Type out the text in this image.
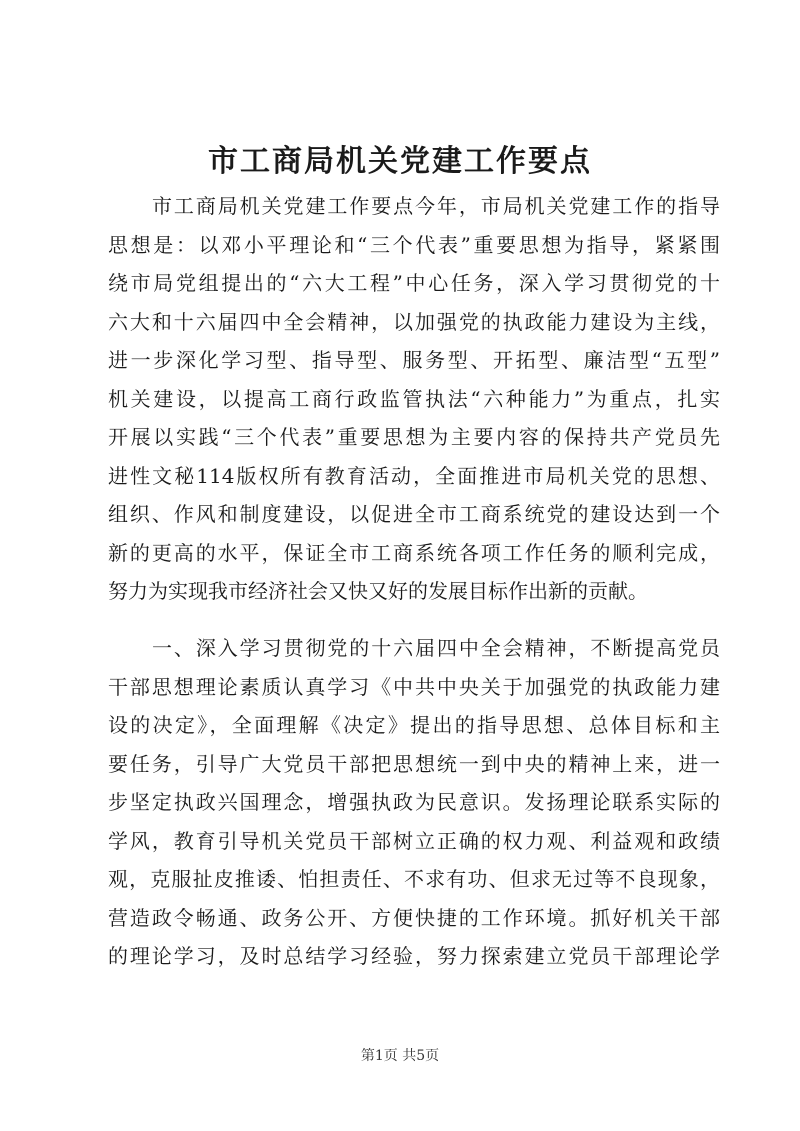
市工商局机关党建工作要点
市工商局机关党建工作要点今年，市局机关党建工作的指导
思想是：以邓小平理论和“三个代表”重要思想为指导，紧紧围
绕市局党组提出的“六大工程”中心任务，深入学习贯彻党的十
六大和十六届四中全会精神，以加强党的执政能力建设为主线，
进一步深化学习型、指导型、服务型、开拓型、廉洁型“五型”
机关建设，以提高工商行政监管执法“六种能力”为重点，扎实
开展以实践“三个代表”重要思想为主要内容的保持共产党员先
进性文秘114版权所有教育活动，全面推进市局机关党的思想、
组织、作风和制度建设，以促进全市工商系统党的建设达到一个
新的更高的水平，保证全市工商系统各项工作任务的顺利完成，
努力为实现我市经济社会又快又好的发展目标作出新的贡献。
一、深入学习贯彻党的十六届四中全会精神，不断提高党员
干部思想理论素质认真学习《中共中央关于加强党的执政能力建
设的决定》，全面理解《决定》提出的指导思想、总体目标和主
要任务，引导广大党员干部把思想统一到中央的精神上来，进一
步坚定执政兴国理念，增强执政为民意识。发扬理论联系实际的
学风，教育引导机关党员干部树立正确的权力观、利益观和政绩
观，克服扯皮推诿、怕担责任、不求有功、但求无过等不良现象，
营造政令畅通、政务公开、方便快捷的工作环境。抓好机关干部
的理论学习，及时总结学习经验，努力探索建立党员干部理论学
第1页 共5页
